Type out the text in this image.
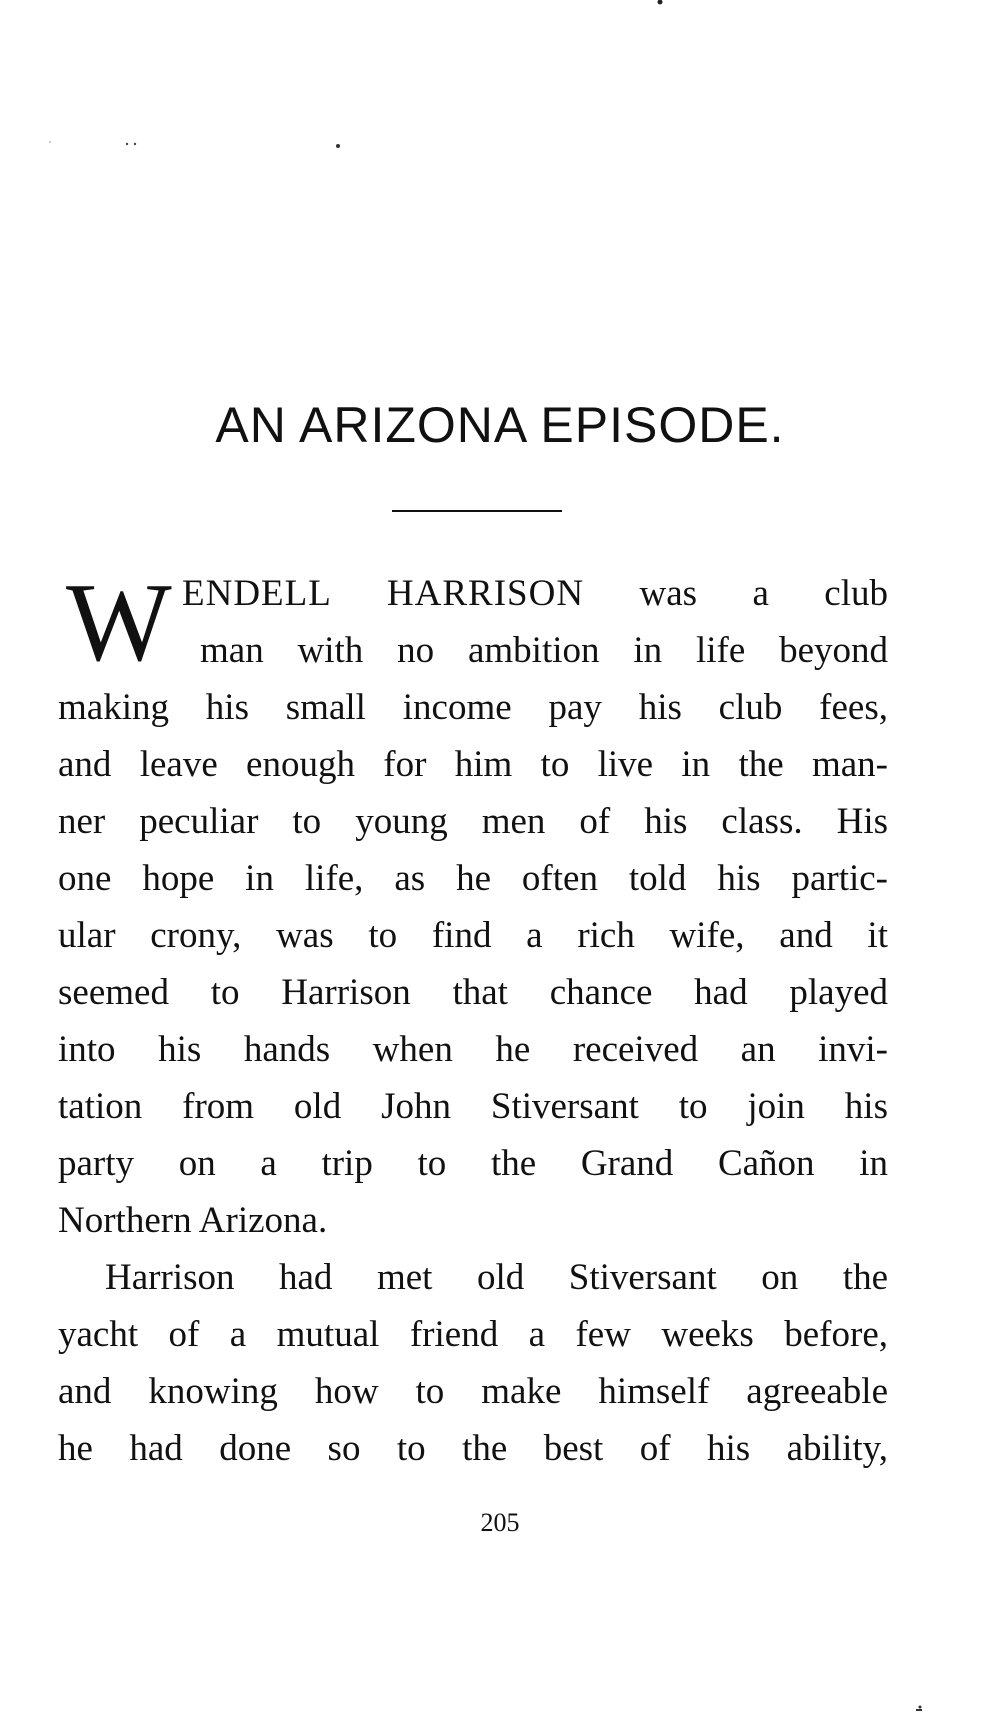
AN ARIZONA EPISODE.
W ENDELL HARRISON was a club
man with no ambition in life beyond
making his small income pay his club fees,
and leave enough for him to live in the man-
ner peculiar to young men of his class. His
one hope in life, as he often told his partic-
ular crony, was to find a rich wife, and it
seemed to Harrison that chance had played
into his hands when he received an invi-
tation from old John Stiversant to join his
party on a trip to the Grand Cañon in
Northern Arizona.
Harrison had met old Stiversant on the
yacht of a mutual friend a few weeks before,
and knowing how to make himself agreeable
he had done so to the best of his ability,
205
